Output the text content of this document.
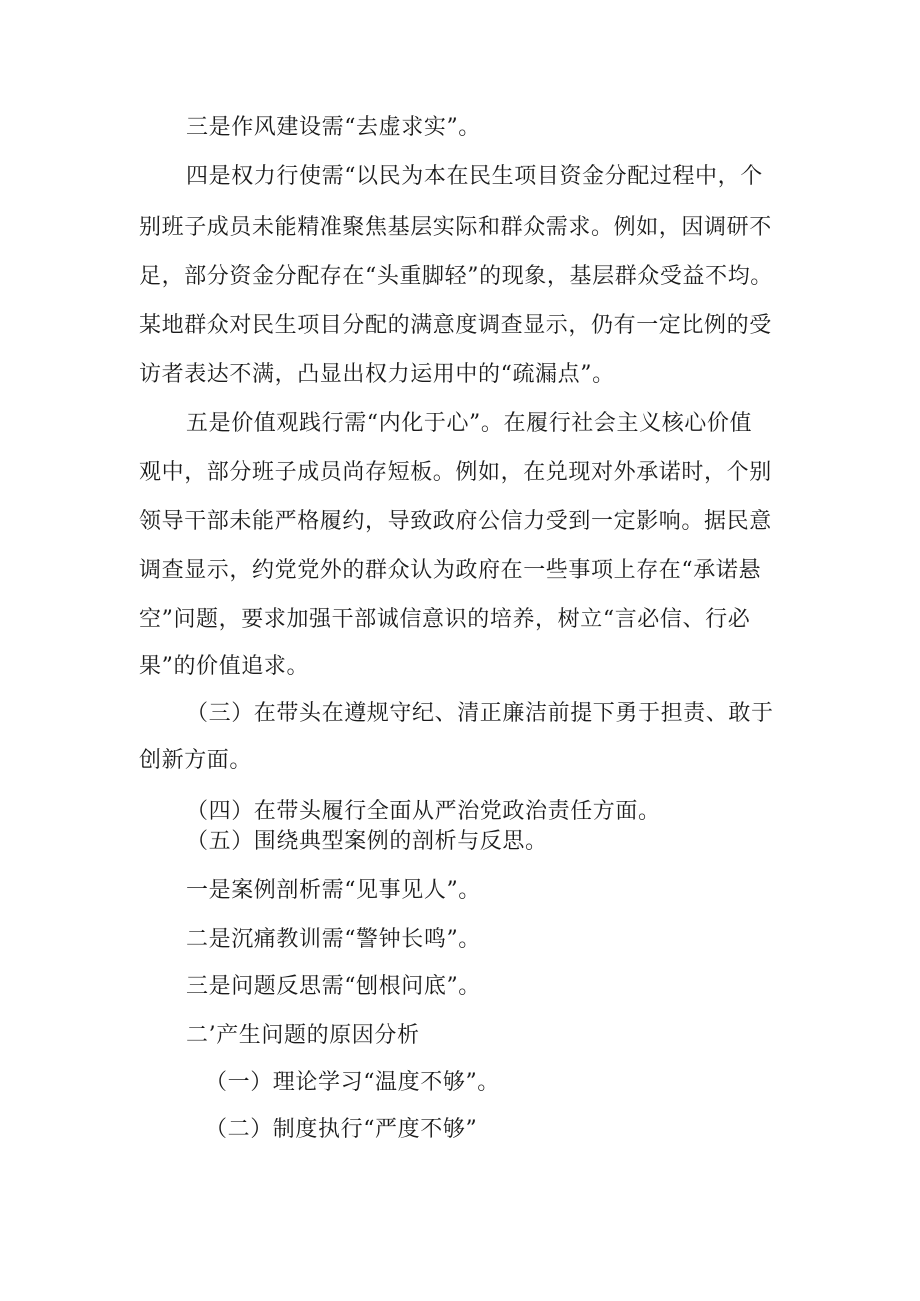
三是作风建设需“去虚求实”。
四是权力行使需“以民为本在民生项目资金分配过程中，个
别班子成员未能精准聚焦基层实际和群众需求。例如，因调研不
足，部分资金分配存在“头重脚轻”的现象，基层群众受益不均。
某地群众对民生项目分配的满意度调查显示，仍有一定比例的受
访者表达不满，凸显出权力运用中的“疏漏点”。
五是价值观践行需“内化于心”。在履行社会主义核心价值
观中，部分班子成员尚存短板。例如，在兑现对外承诺时，个别
领导干部未能严格履约，导致政府公信力受到一定影响。据民意
调查显示，约党党外的群众认为政府在一些事项上存在“承诺悬
空”问题，要求加强干部诚信意识的培养，树立“言必信、行必
果”的价值追求。
（三）在带头在遵规守纪、清正廉洁前提下勇于担责、敢于
创新方面。
（四）在带头履行全面从严治党政治责任方面。
（五）围绕典型案例的剖析与反思。
一是案例剖析需“见事见人”。
二是沉痛教训需“警钟长鸣”。
三是问题反思需“刨根问底”。
二’产生问题的原因分析
（一）理论学习“温度不够”。
（二）制度执行“严度不够”
